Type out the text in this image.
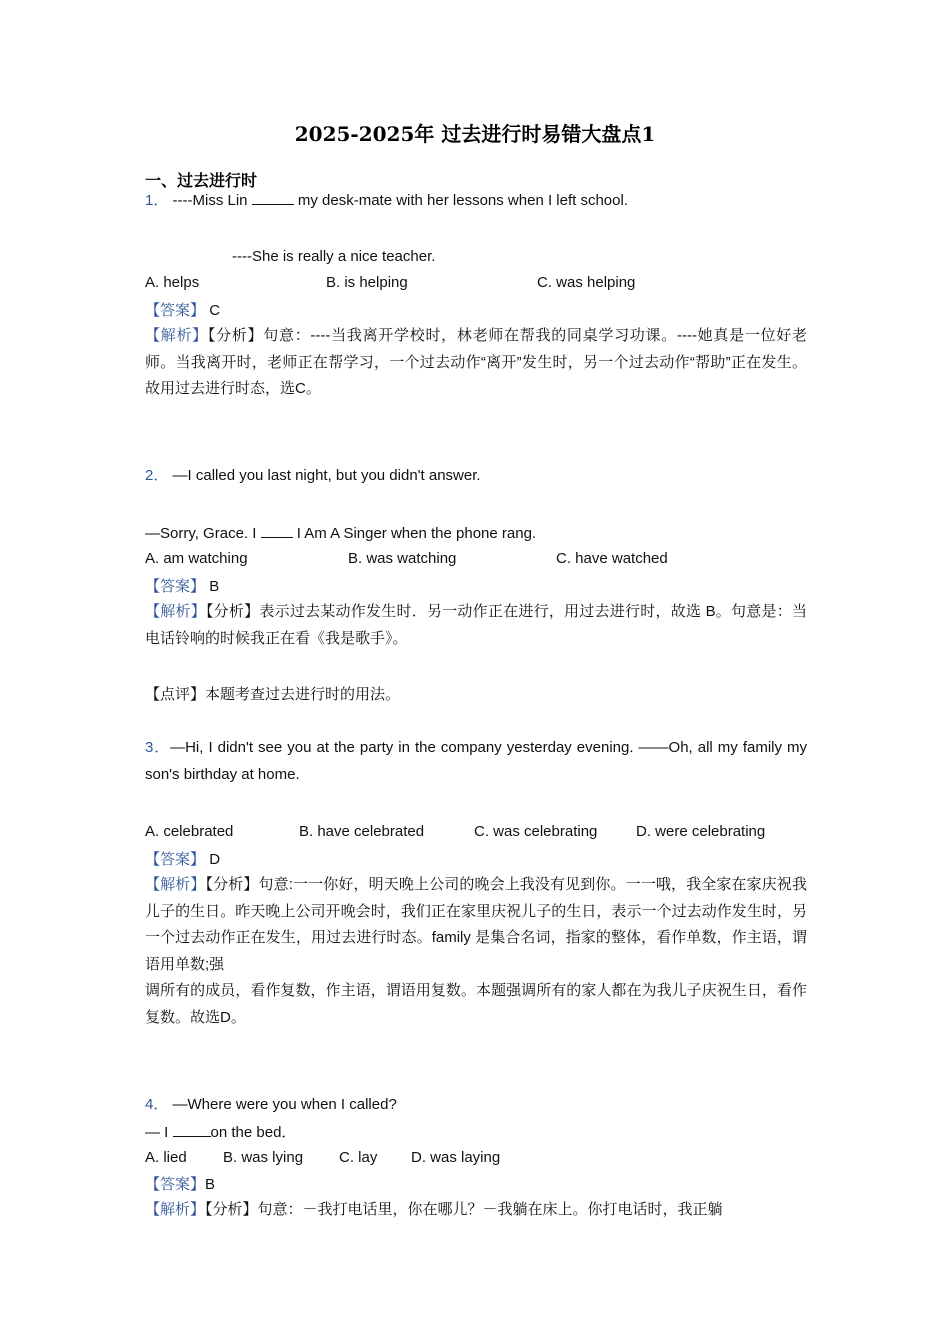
2025-2025年 过去进行时易错大盘点1
一、过去进行时
1． ----Miss Lin	my desk-mate with her lessons when I left school.
----She is really a nice teacher.
A. helps	B. is helping	C. was helping
【答案】 C
【解析】【分析】句意：----当我离开学校时，林老师在帮我的同桌学习功课。----她真是一位好老师。当我离开时，老师正在帮学习，一个过去动作“离开”发生时，另一个过去动作“帮助”正在发生。故用过去进行时态，选C。
2． —I called you last night, but you didn't answer.
—Sorry, Grace. I  I Am A Singer when the phone rang.
A. am watching	B. was watching	C. have watched
【答案】 B
【解析】【分析】表示过去某动作发生时．另一动作正在进行，用过去进行时，故选 B。句意是：当电话铃响的时候我正在看《我是歌手》。
【点评】本题考查过去进行时的用法。
3．—Hi, I didn't see you at the party in the company yesterday evening. ——Oh, all my family my son's birthday at home.
A. celebrated	B. have celebrated	C. was celebrating	D. were celebrating
【答案】 D
【解析】【分析】句意:一一你好，明天晚上公司的晚会上我没有见到你。一一哦，我全家在家庆祝我儿子的生日。昨天晚上公司开晚会时，我们正在家里庆祝儿子的生日，表示一个过去动作发生时，另一个过去动作正在发生，用过去进行时态。family 是集合名词，指家的整体，看作单数，作主语，谓语用单数;强
调所有的成员，看作复数，作主语，谓语用复数。本题强调所有的家人都在为我儿子庆祝生日，看作复数。故选D。
4． —Where were you when I called?
— I	on the bed．
A. lied B. was lying C. lay D. was laying
【答案】B
【解析】【分析】句意：－我打电话里，你在哪儿？－我躺在床上。你打电话时，我正躺
